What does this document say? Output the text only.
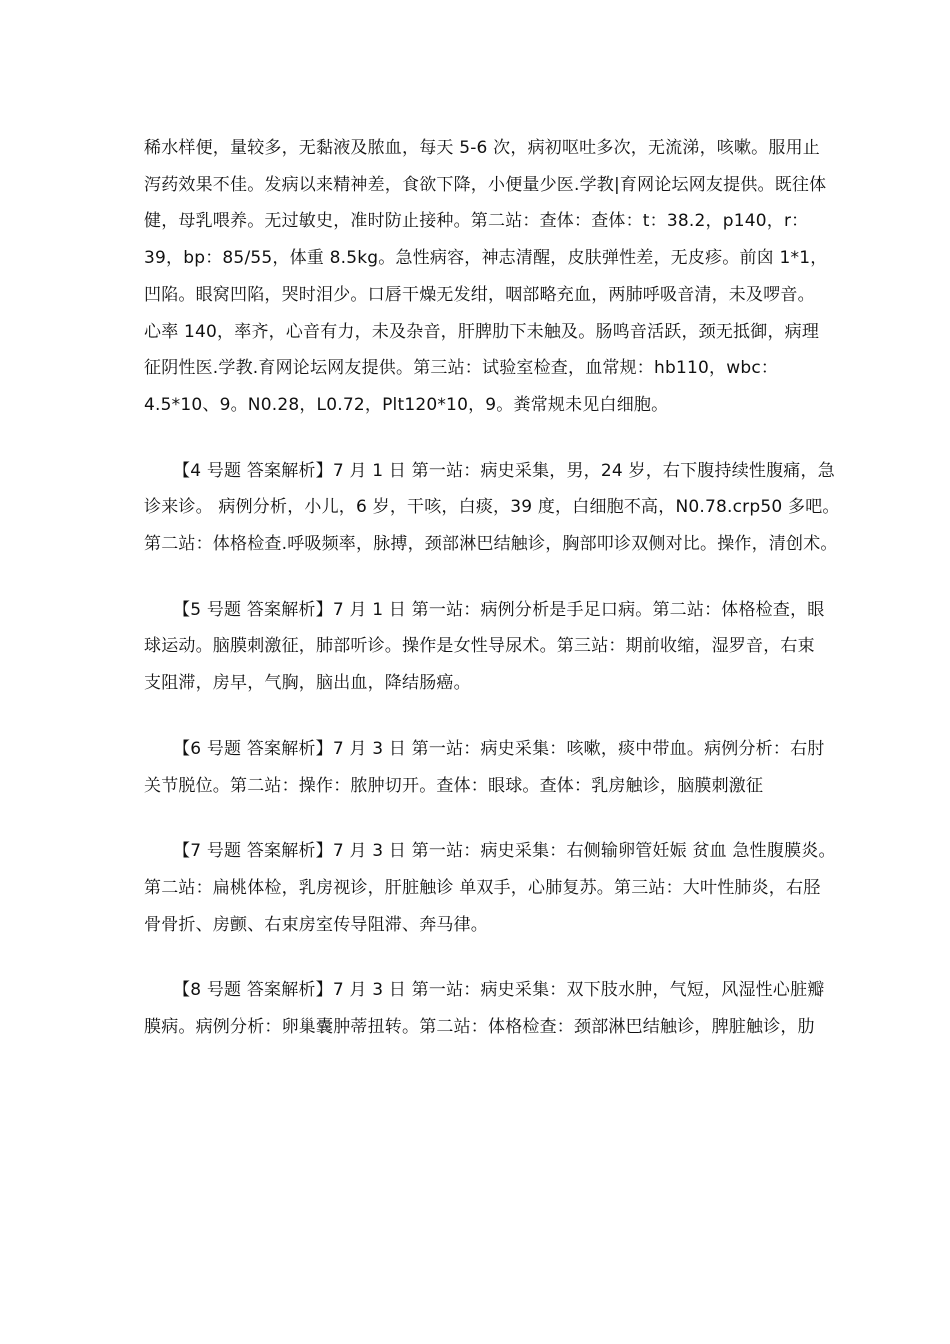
稀水样便，量较多，无黏液及脓血，每天 5-6 次，病初呕吐多次，无流涕，咳嗽。服用止
泻药效果不佳。发病以来精神差，食欲下降，小便量少医.学教|育网论坛网友提供。既往体
健，母乳喂养。无过敏史，准时防止接种。第二站：查体：查体：t：38.2，p140，r：
39，bp：85/55，体重 8.5kg。急性病容，神志清醒，皮肤弹性差，无皮疹。前囟 1*1，
凹陷。眼窝凹陷，哭时泪少。口唇干燥无发绀，咽部略充血，两肺呼吸音清，未及啰音。
心率 140，率齐，心音有力，未及杂音，肝脾肋下未触及。肠鸣音活跃，颈无抵御，病理
征阴性医.学教.育网论坛网友提供。第三站：试验室检查，血常规：hb110，wbc：
4.5*10、9。N0.28，L0.72，Plt120*10，9。粪常规未见白细胞。

【4 号题 答案解析】7 月 1 日 第一站：病史采集，男，24 岁，右下腹持续性腹痛，急
诊来诊。 病例分析，小儿，6 岁，干咳，白痰，39 度，白细胞不高，N0.78.crp50 多吧。
第二站：体格检查.呼吸频率，脉搏，颈部淋巴结触诊，胸部叩诊双侧对比。操作，清创术。

【5 号题 答案解析】7 月 1 日 第一站：病例分析是手足口病。第二站：体格检查，眼
球运动。脑膜刺激征，肺部听诊。操作是女性导尿术。第三站：期前收缩，湿罗音，右束
支阻滞，房早，气胸，脑出血，降结肠癌。

【6 号题 答案解析】7 月 3 日 第一站：病史采集：咳嗽，痰中带血。病例分析：右肘
关节脱位。第二站：操作：脓肿切开。查体：眼球。查体：乳房触诊，脑膜刺激征

【7 号题 答案解析】7 月 3 日 第一站：病史采集：右侧输卵管妊娠 贫血 急性腹膜炎。
第二站：扁桃体检，乳房视诊，肝脏触诊 单双手，心肺复苏。第三站：大叶性肺炎，右胫
骨骨折、房颤、右束房室传导阻滞、奔马律。

【8 号题 答案解析】7 月 3 日 第一站：病史采集：双下肢水肿，气短，风湿性心脏瓣
膜病。病例分析：卵巢囊肿蒂扭转。第二站：体格检查：颈部淋巴结触诊，脾脏触诊，肋
